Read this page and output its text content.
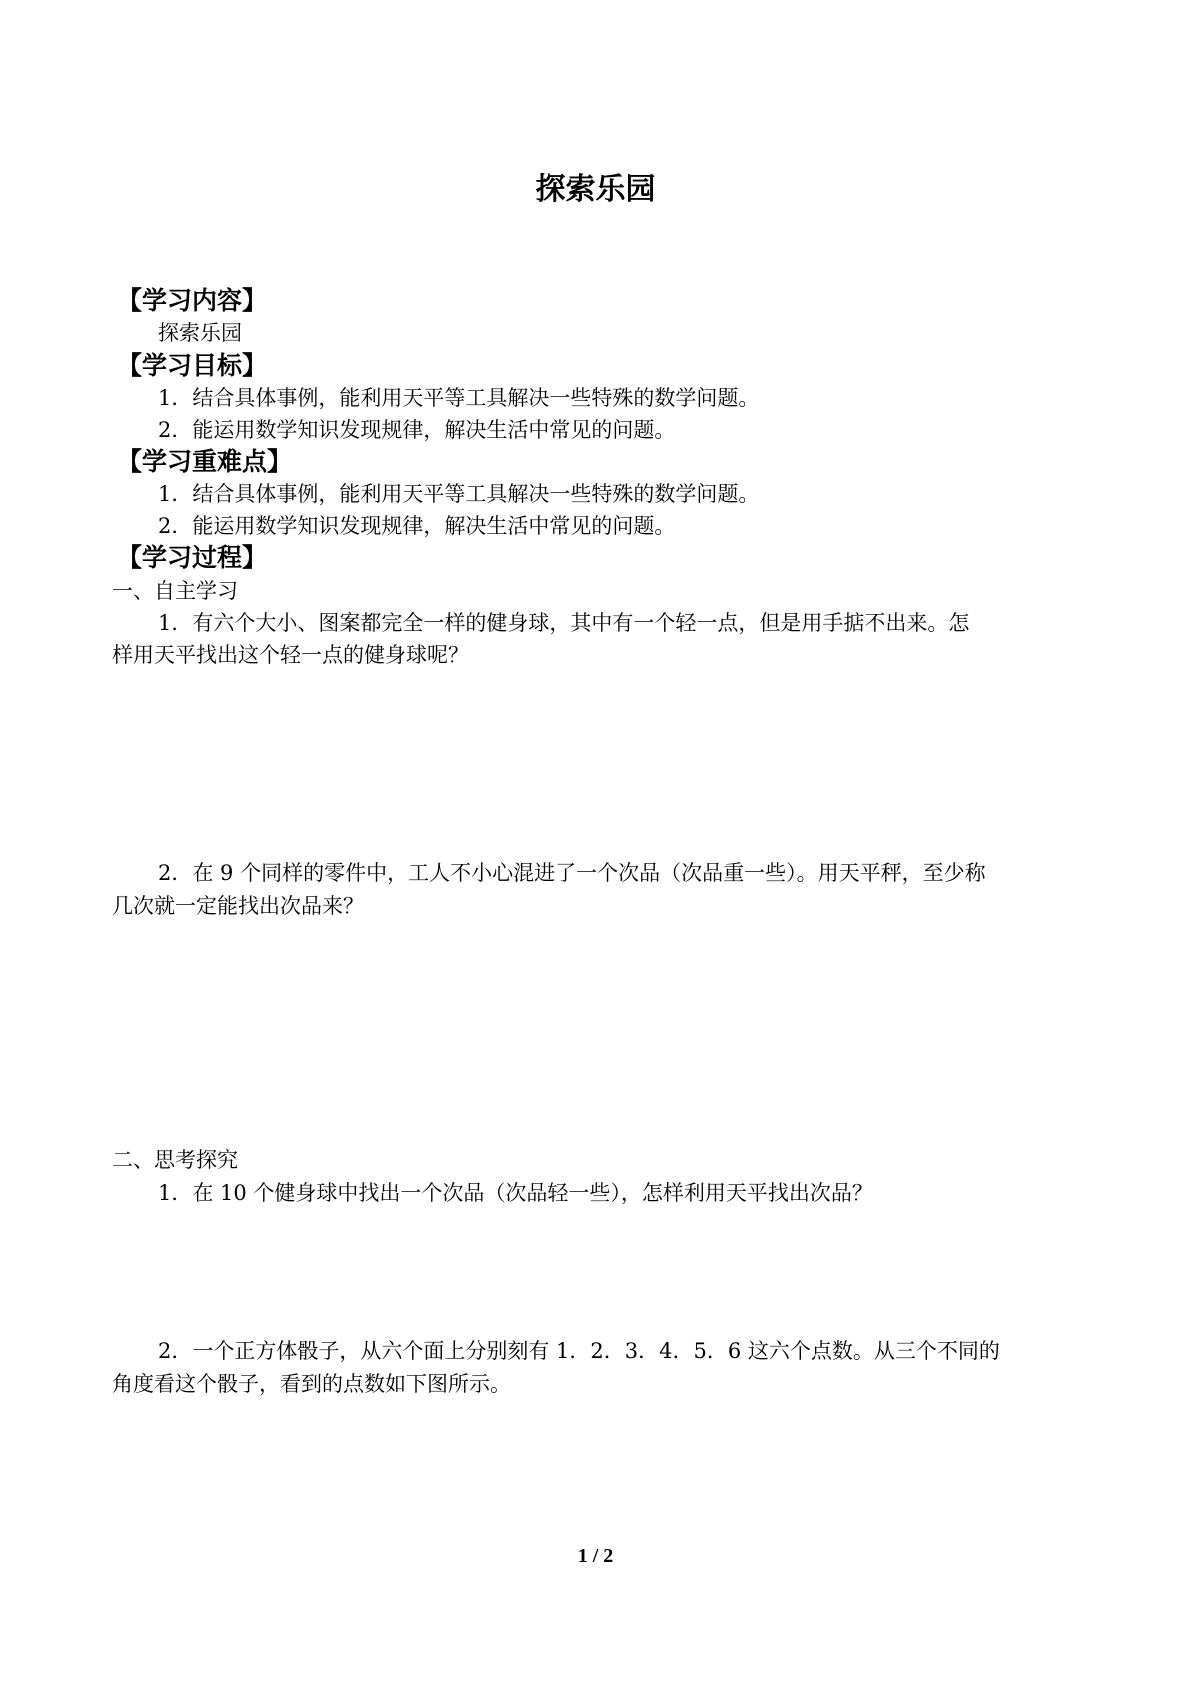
探索乐园
【学习内容】
探索乐园
【学习目标】
1．结合具体事例，能利用天平等工具解决一些特殊的数学问题。
2．能运用数学知识发现规律，解决生活中常见的问题。
【学习重难点】
1．结合具体事例，能利用天平等工具解决一些特殊的数学问题。
2．能运用数学知识发现规律，解决生活中常见的问题。
【学习过程】
一、自主学习
1．有六个大小、图案都完全一样的健身球，其中有一个轻一点，但是用手掂不出来。怎
样用天平找出这个轻一点的健身球呢？
2．在 9 个同样的零件中，工人不小心混进了一个次品（次品重一些）。用天平秤，至少称
几次就一定能找出次品来？
二、思考探究
1．在 10 个健身球中找出一个次品（次品轻一些），怎样利用天平找出次品？
2．一个正方体骰子，从六个面上分别刻有 1．2．3．4．5．6 这六个点数。从三个不同的
角度看这个骰子，看到的点数如下图所示。
1 / 2
